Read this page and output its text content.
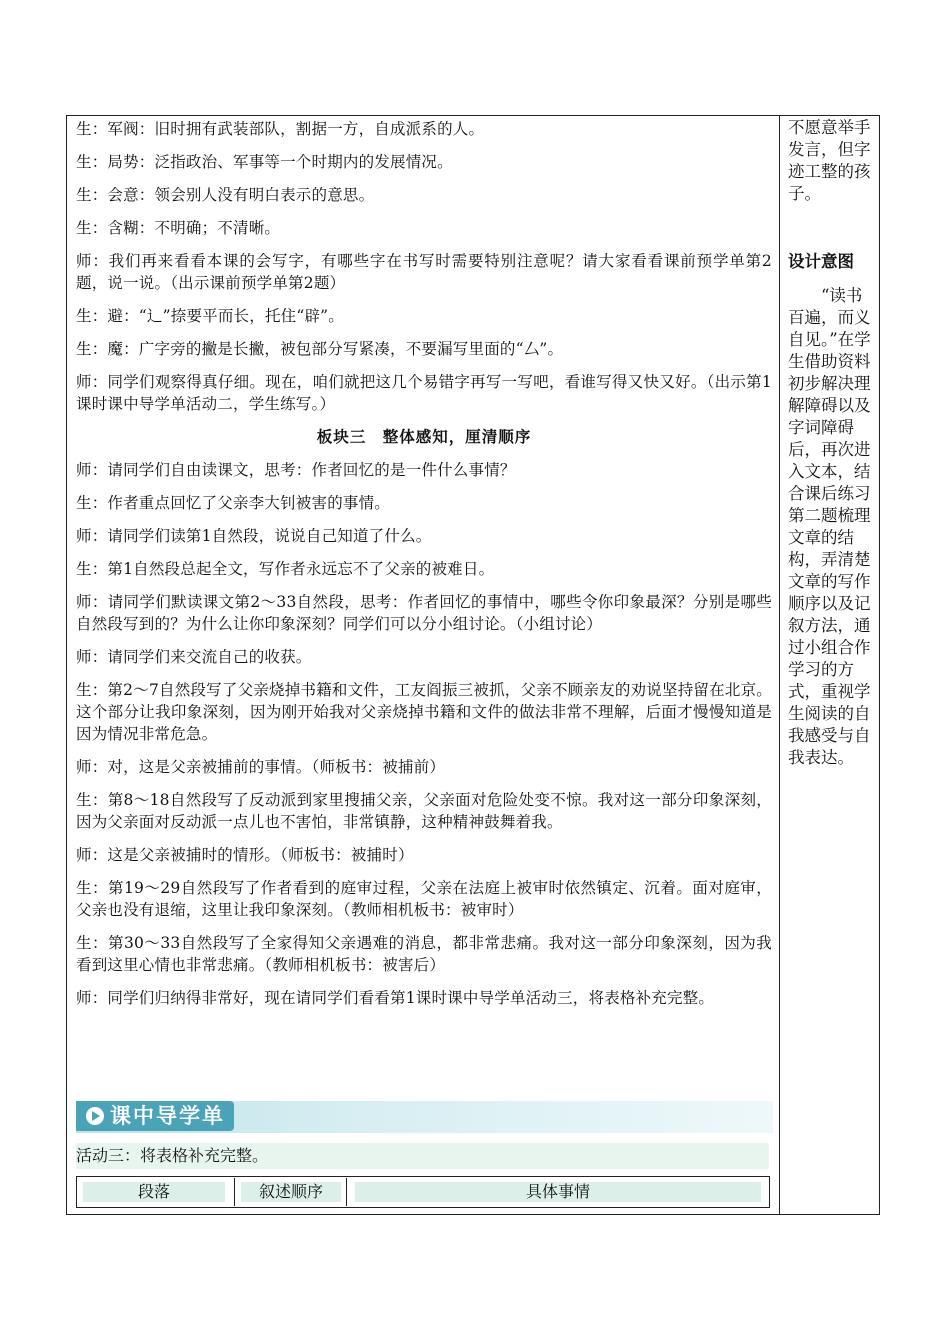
生：军阀：旧时拥有武装部队，割据一方，自成派系的人。

生：局势：泛指政治、军事等一个时期内的发展情况。

生：会意：领会别人没有明白表示的意思。

生：含糊：不明确；不清晰。

师：我们再来看看本课的会写字，有哪些字在书写时需要特别注意呢？请大家看看课前预学单第2题，说一说。（出示课前预学单第2题）

生：避：“辶”捺要平而长，托住“辟”。

生：魔：广字旁的撇是长撇，被包部分写紧凑，不要漏写里面的“厶”。

师：同学们观察得真仔细。现在，咱们就把这几个易错字再写一写吧，看谁写得又快又好。（出示第1课时课中导学单活动二，学生练写。）

板块三　整体感知，厘清顺序

师：请同学们自由读课文，思考：作者回忆的是一件什么事情？

生：作者重点回忆了父亲李大钊被害的事情。

师：请同学们读第1自然段，说说自己知道了什么。

生：第1自然段总起全文，写作者永远忘不了父亲的被难日。

师：请同学们默读课文第2～33自然段，思考：作者回忆的事情中，哪些令你印象最深？分别是哪些自然段写到的？为什么让你印象深刻？同学们可以分小组讨论。（小组讨论）

师：请同学们来交流自己的收获。

生：第2～7自然段写了父亲烧掉书籍和文件，工友阎振三被抓，父亲不顾亲友的劝说坚持留在北京。这个部分让我印象深刻，因为刚开始我对父亲烧掉书籍和文件的做法非常不理解，后面才慢慢知道是因为情况非常危急。

师：对，这是父亲被捕前的事情。（师板书：被捕前）

生：第8～18自然段写了反动派到家里搜捕父亲，父亲面对危险处变不惊。我对这一部分印象深刻，因为父亲面对反动派一点儿也不害怕，非常镇静，这种精神鼓舞着我。

师：这是父亲被捕时的情形。（师板书：被捕时）

生：第19～29自然段写了作者看到的庭审过程，父亲在法庭上被审时依然镇定、沉着。面对庭审，父亲也没有退缩，这里让我印象深刻。（教师相机板书：被审时）

生：第30～33自然段写了全家得知父亲遇难的消息，都非常悲痛。我对这一部分印象深刻，因为我看到这里心情也非常悲痛。（教师相机板书：被害后）

师：同学们归纳得非常好，现在请同学们看看第1课时课中导学单活动三，将表格补充完整。

不愿意举手发言，但字迹工整的孩子。
设计意图
“读书百遍，而义自见。”在学生借助资料初步解决理解障碍以及字词障碍后，再次进入文本，结合课后练习第二题梳理文章的结构，弄清楚文章的写作顺序以及记叙方法，通过小组合作学习的方式，重视学生阅读的自我感受与自我表达。
课中导学单
活动三：将表格补充完整。
段落	叙述顺序	具体事情
